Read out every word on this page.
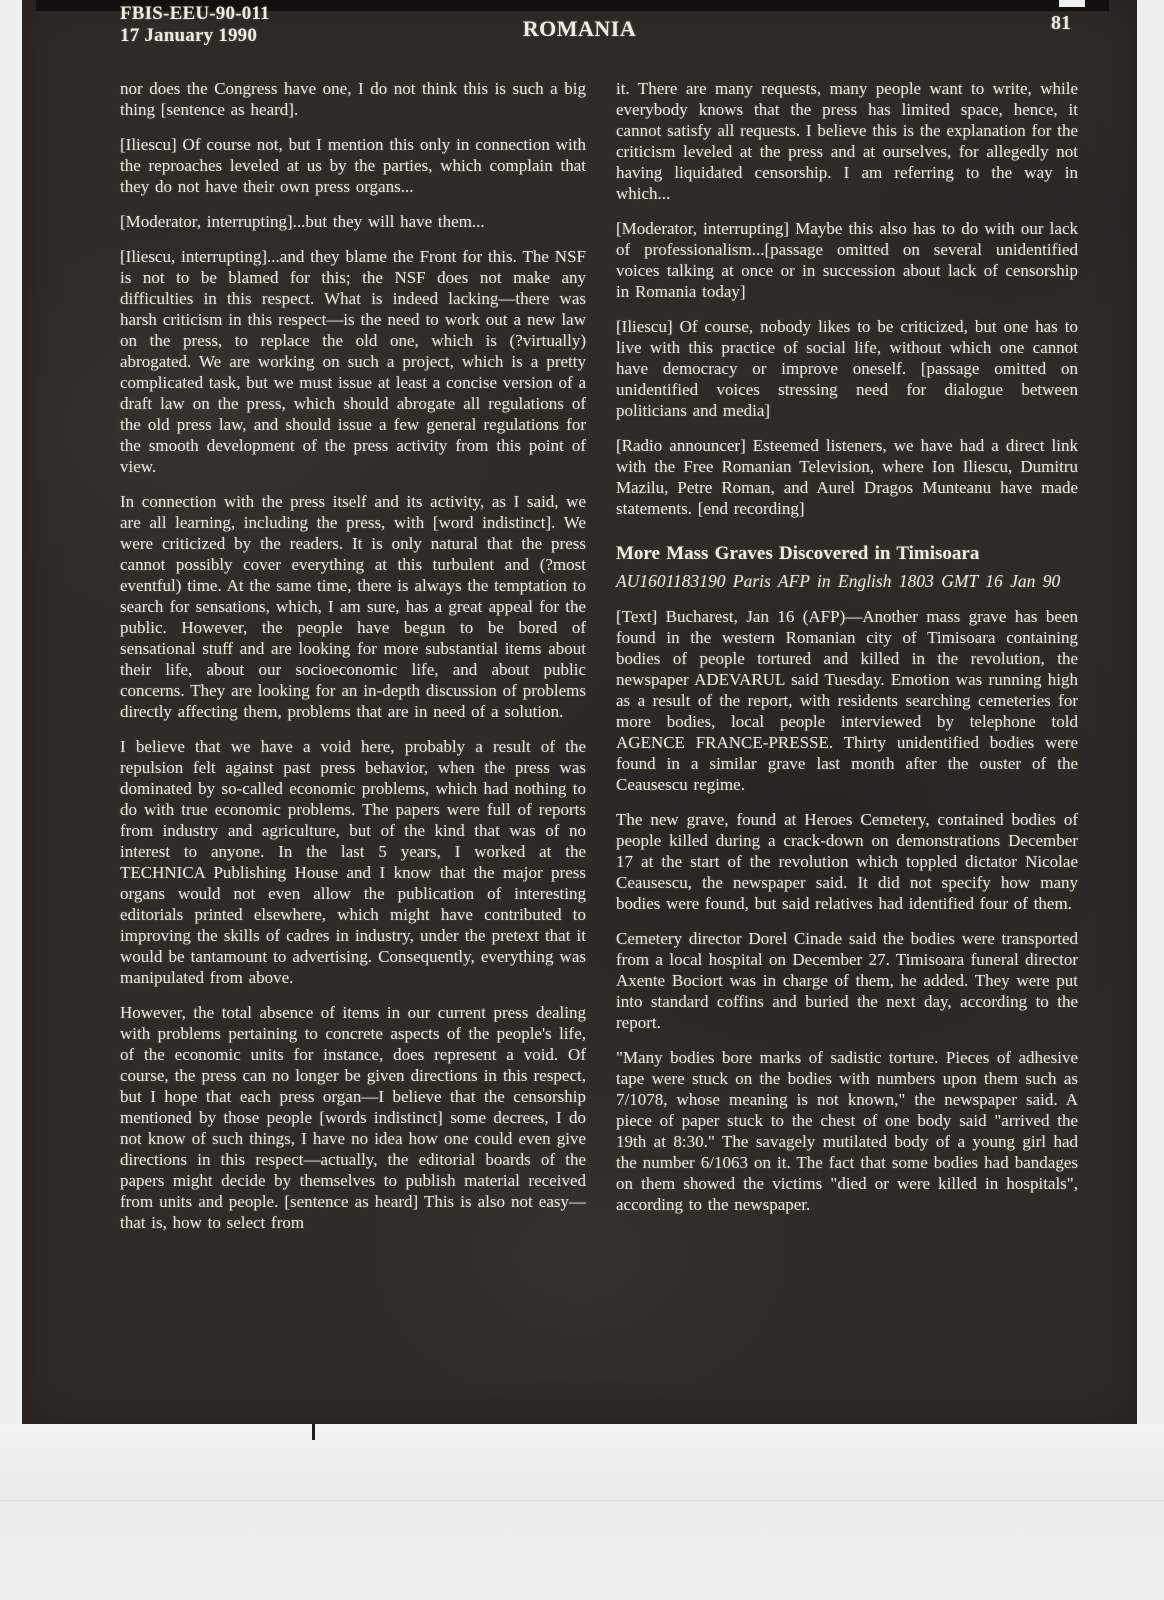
FBIS-EEU-90-011
17 January 1990	ROMANIA	81

nor does the Congress have one, I do not think this is such a big thing [sentence as heard].

[Iliescu] Of course not, but I mention this only in connection with the reproaches leveled at us by the parties, which complain that they do not have their own press organs...

[Moderator, interrupting]...but they will have them...

[Iliescu, interrupting]...and they blame the Front for this. The NSF is not to be blamed for this; the NSF does not make any difficulties in this respect. What is indeed lacking—there was harsh criticism in this respect—is the need to work out a new law on the press, to replace the old one, which is (?virtually) abrogated. We are working on such a project, which is a pretty complicated task, but we must issue at least a concise version of a draft law on the press, which should abrogate all regulations of the old press law, and should issue a few general regulations for the smooth development of the press activity from this point of view.

In connection with the press itself and its activity, as I said, we are all learning, including the press, with [word indistinct]. We were criticized by the readers. It is only natural that the press cannot possibly cover everything at this turbulent and (?most eventful) time. At the same time, there is always the temptation to search for sensations, which, I am sure, has a great appeal for the public. However, the people have begun to be bored of sensational stuff and are looking for more substantial items about their life, about our socioeconomic life, and about public concerns. They are looking for an in-depth discussion of problems directly affecting them, problems that are in need of a solution.

I believe that we have a void here, probably a result of the repulsion felt against past press behavior, when the press was dominated by so-called economic problems, which had nothing to do with true economic problems. The papers were full of reports from industry and agriculture, but of the kind that was of no interest to anyone. In the last 5 years, I worked at the TECHNICA Publishing House and I know that the major press organs would not even allow the publication of interesting editorials printed elsewhere, which might have contributed to improving the skills of cadres in industry, under the pretext that it would be tantamount to advertising. Consequently, everything was manipulated from above.

However, the total absence of items in our current press dealing with problems pertaining to concrete aspects of the people's life, of the economic units for instance, does represent a void. Of course, the press can no longer be given directions in this respect, but I hope that each press organ—I believe that the censorship mentioned by those people [words indistinct] some decrees, I do not know of such things, I have no idea how one could even give directions in this respect—actually, the editorial boards of the papers might decide by themselves to publish material received from units and people. [sentence as heard] This is also not easy—that is, how to select from

it. There are many requests, many people want to write, while everybody knows that the press has limited space, hence, it cannot satisfy all requests. I believe this is the explanation for the criticism leveled at the press and at ourselves, for allegedly not having liquidated censorship. I am referring to the way in which...

[Moderator, interrupting] Maybe this also has to do with our lack of professionalism...[passage omitted on several unidentified voices talking at once or in succession about lack of censorship in Romania today]

[Iliescu] Of course, nobody likes to be criticized, but one has to live with this practice of social life, without which one cannot have democracy or improve oneself. [passage omitted on unidentified voices stressing need for dialogue between politicians and media]

[Radio announcer] Esteemed listeners, we have had a direct link with the Free Romanian Television, where Ion Iliescu, Dumitru Mazilu, Petre Roman, and Aurel Dragos Munteanu have made statements. [end recording]

More Mass Graves Discovered in Timisoara

AU1601183190 Paris AFP in English 1803 GMT 16 Jan 90

[Text] Bucharest, Jan 16 (AFP)—Another mass grave has been found in the western Romanian city of Timisoara containing bodies of people tortured and killed in the revolution, the newspaper ADEVARUL said Tuesday. Emotion was running high as a result of the report, with residents searching cemeteries for more bodies, local people interviewed by telephone told AGENCE FRANCE-PRESSE. Thirty unidentified bodies were found in a similar grave last month after the ouster of the Ceausescu regime.

The new grave, found at Heroes Cemetery, contained bodies of people killed during a crack-down on demonstrations December 17 at the start of the revolution which toppled dictator Nicolae Ceausescu, the newspaper said. It did not specify how many bodies were found, but said relatives had identified four of them.

Cemetery director Dorel Cinade said the bodies were transported from a local hospital on December 27. Timisoara funeral director Axente Bociort was in charge of them, he added. They were put into standard coffins and buried the next day, according to the report.

"Many bodies bore marks of sadistic torture. Pieces of adhesive tape were stuck on the bodies with numbers upon them such as 7/1078, whose meaning is not known," the newspaper said. A piece of paper stuck to the chest of one body said "arrived the 19th at 8:30." The savagely mutilated body of a young girl had the number 6/1063 on it. The fact that some bodies had bandages on them showed the victims "died or were killed in hospitals", according to the newspaper.
